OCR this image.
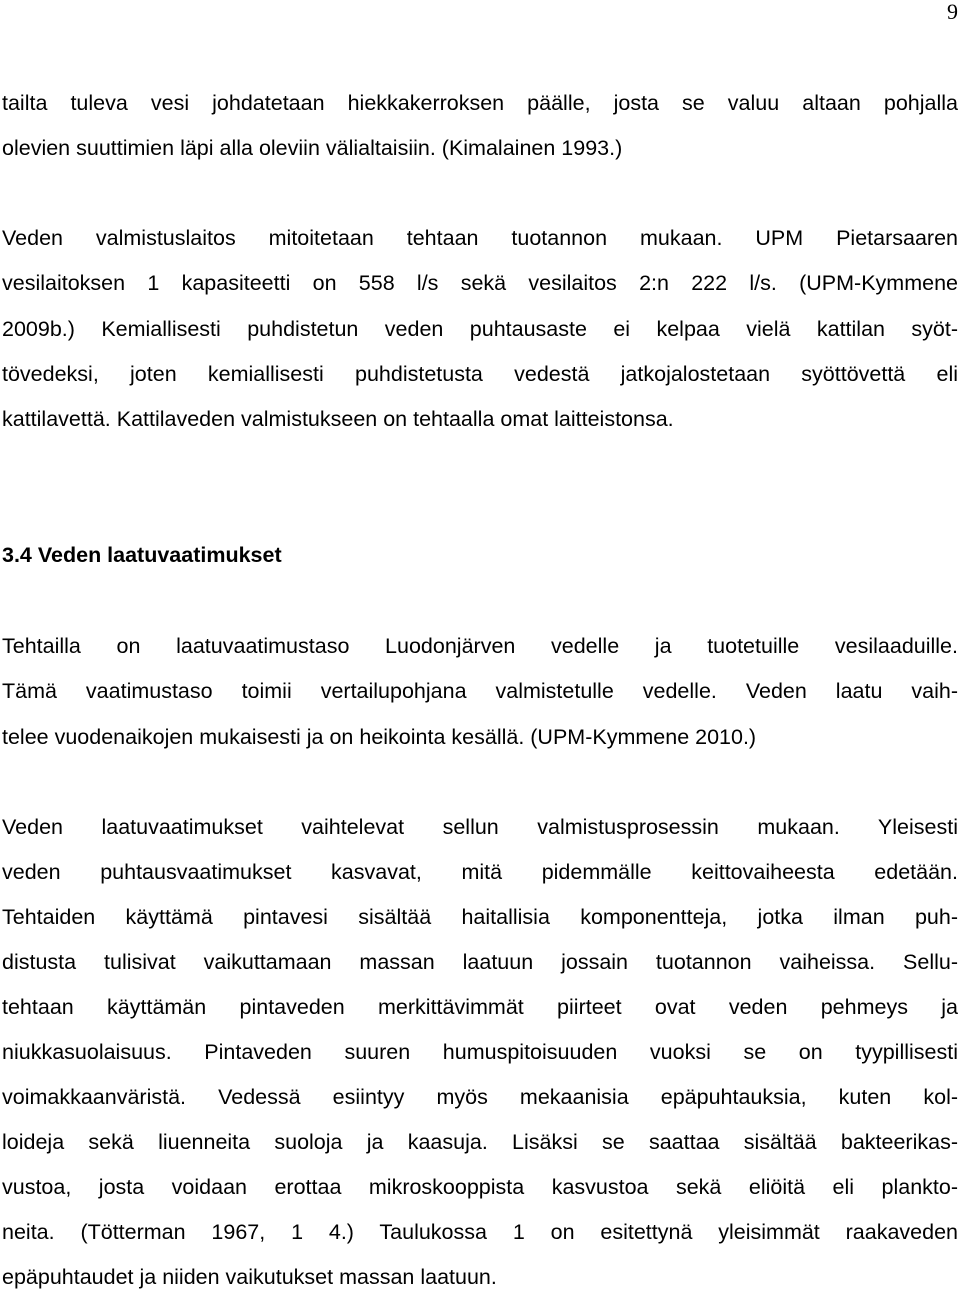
9
tailta tuleva vesi johdatetaan hiekkakerroksen päälle, josta se valuu altaan pohjalla
olevien suuttimien läpi alla oleviin välialtaisiin. (Kimalainen 1993.)
Veden valmistuslaitos mitoitetaan tehtaan tuotannon mukaan. UPM Pietarsaaren
vesilaitoksen 1 kapasiteetti on 558 l/s sekä vesilaitos 2:n 222 l/s. (UPM-Kymmene
2009b.) Kemiallisesti puhdistetun veden puhtausaste ei kelpaa vielä kattilan syöt-
tövedeksi, joten kemiallisesti puhdistetusta vedestä jatkojalostetaan syöttövettä eli
kattilavettä. Kattilaveden valmistukseen on tehtaalla omat laitteistonsa.
3.4 Veden laatuvaatimukset
Tehtailla on laatuvaatimustaso Luodonjärven vedelle ja tuotetuille vesilaaduille.
Tämä vaatimustaso toimii vertailupohjana valmistetulle vedelle. Veden laatu vaih-
telee vuodenaikojen mukaisesti ja on heikointa kesällä. (UPM-Kymmene 2010.)
Veden laatuvaatimukset vaihtelevat sellun valmistusprosessin mukaan. Yleisesti
veden puhtausvaatimukset kasvavat, mitä pidemmälle keittovaiheesta edetään.
Tehtaiden käyttämä pintavesi sisältää haitallisia komponentteja, jotka ilman puh-
distusta tulisivat vaikuttamaan massan laatuun jossain tuotannon vaiheissa. Sellu-
tehtaan käyttämän pintaveden merkittävimmät piirteet ovat veden pehmeys ja
niukkasuolaisuus. Pintaveden suuren humuspitoisuuden vuoksi se on tyypillisesti
voimakkaanväristä. Vedessä esiintyy myös mekaanisia epäpuhtauksia, kuten kol-
loideja sekä liuenneita suoloja ja kaasuja. Lisäksi se saattaa sisältää bakteerikas-
vustoa, josta voidaan erottaa mikroskooppista kasvustoa sekä eliöitä eli plankto-
neita. (Tötterman 1967, 1 4.) Taulukossa 1 on esitettynä yleisimmät raakaveden
epäpuhtaudet ja niiden vaikutukset massan laatuun.
